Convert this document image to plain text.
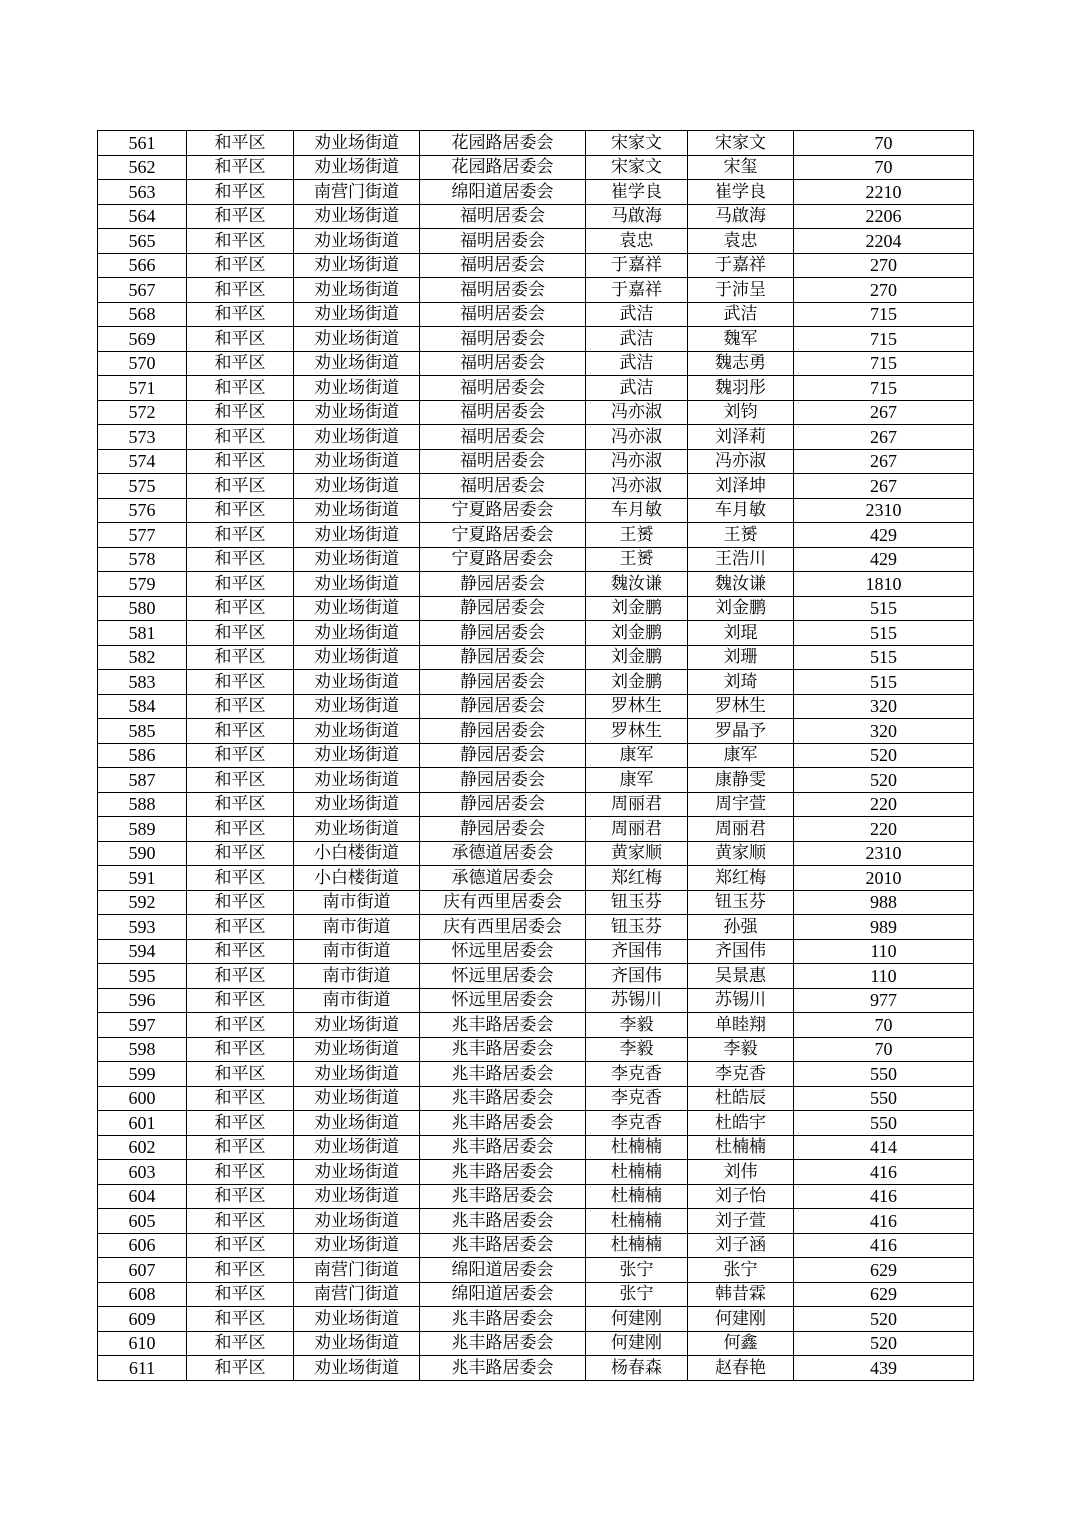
561	和平区	劝业场街道	花园路居委会	宋家文	宋家文	70
562	和平区	劝业场街道	花园路居委会	宋家文	宋玺	70
563	和平区	南营门街道	绵阳道居委会	崔学良	崔学良	2210
564	和平区	劝业场街道	福明居委会	马啟海	马啟海	2206
565	和平区	劝业场街道	福明居委会	袁忠	袁忠	2204
566	和平区	劝业场街道	福明居委会	于嘉祥	于嘉祥	270
567	和平区	劝业场街道	福明居委会	于嘉祥	于沛呈	270
568	和平区	劝业场街道	福明居委会	武洁	武洁	715
569	和平区	劝业场街道	福明居委会	武洁	魏军	715
570	和平区	劝业场街道	福明居委会	武洁	魏志勇	715
571	和平区	劝业场街道	福明居委会	武洁	魏羽彤	715
572	和平区	劝业场街道	福明居委会	冯亦淑	刘钧	267
573	和平区	劝业场街道	福明居委会	冯亦淑	刘泽莉	267
574	和平区	劝业场街道	福明居委会	冯亦淑	冯亦淑	267
575	和平区	劝业场街道	福明居委会	冯亦淑	刘泽坤	267
576	和平区	劝业场街道	宁夏路居委会	车月敏	车月敏	2310
577	和平区	劝业场街道	宁夏路居委会	王赟	王赟	429
578	和平区	劝业场街道	宁夏路居委会	王赟	王浩川	429
579	和平区	劝业场街道	静园居委会	魏汝谦	魏汝谦	1810
580	和平区	劝业场街道	静园居委会	刘金鹏	刘金鹏	515
581	和平区	劝业场街道	静园居委会	刘金鹏	刘琨	515
582	和平区	劝业场街道	静园居委会	刘金鹏	刘珊	515
583	和平区	劝业场街道	静园居委会	刘金鹏	刘琦	515
584	和平区	劝业场街道	静园居委会	罗林生	罗林生	320
585	和平区	劝业场街道	静园居委会	罗林生	罗晶予	320
586	和平区	劝业场街道	静园居委会	康军	康军	520
587	和平区	劝业场街道	静园居委会	康军	康静雯	520
588	和平区	劝业场街道	静园居委会	周丽君	周宇萱	220
589	和平区	劝业场街道	静园居委会	周丽君	周丽君	220
590	和平区	小白楼街道	承德道居委会	黄家顺	黄家顺	2310
591	和平区	小白楼街道	承德道居委会	郑红梅	郑红梅	2010
592	和平区	南市街道	庆有西里居委会	钮玉芬	钮玉芬	988
593	和平区	南市街道	庆有西里居委会	钮玉芬	孙强	989
594	和平区	南市街道	怀远里居委会	齐国伟	齐国伟	110
595	和平区	南市街道	怀远里居委会	齐国伟	吴景惠	110
596	和平区	南市街道	怀远里居委会	苏锡川	苏锡川	977
597	和平区	劝业场街道	兆丰路居委会	李毅	单睦翔	70
598	和平区	劝业场街道	兆丰路居委会	李毅	李毅	70
599	和平区	劝业场街道	兆丰路居委会	李克香	李克香	550
600	和平区	劝业场街道	兆丰路居委会	李克香	杜皓辰	550
601	和平区	劝业场街道	兆丰路居委会	李克香	杜皓宇	550
602	和平区	劝业场街道	兆丰路居委会	杜楠楠	杜楠楠	414
603	和平区	劝业场街道	兆丰路居委会	杜楠楠	刘伟	416
604	和平区	劝业场街道	兆丰路居委会	杜楠楠	刘子怡	416
605	和平区	劝业场街道	兆丰路居委会	杜楠楠	刘子萱	416
606	和平区	劝业场街道	兆丰路居委会	杜楠楠	刘子涵	416
607	和平区	南营门街道	绵阳道居委会	张宁	张宁	629
608	和平区	南营门街道	绵阳道居委会	张宁	韩昔霖	629
609	和平区	劝业场街道	兆丰路居委会	何建刚	何建刚	520
610	和平区	劝业场街道	兆丰路居委会	何建刚	何鑫	520
611	和平区	劝业场街道	兆丰路居委会	杨春森	赵春艳	439
